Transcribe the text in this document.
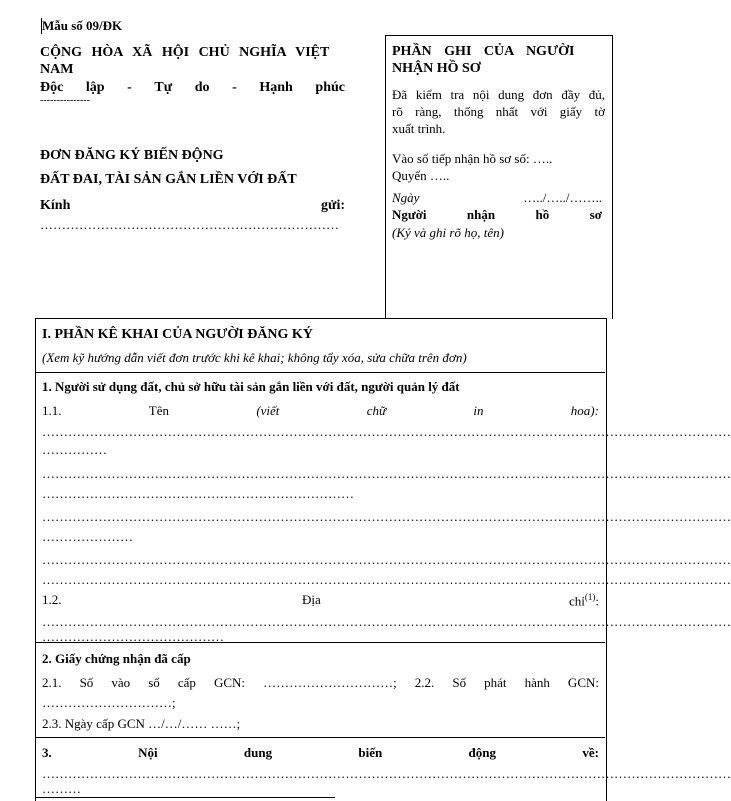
Mẫu số 09/ĐK
CỘNG HÒA XÃ HỘI CHỦ NGHĨA VIỆT
NAM
Độc lập - Tự do - Hạnh phúc
---------------
ĐƠN ĐĂNG KÝ BIẾN ĐỘNG
ĐẤT ĐAI, TÀI SẢN GẮN LIỀN VỚI ĐẤT
Kính	gửi:
……………………………………………………………
PHẦN GHI CỦA NGƯỜI
NHẬN HỒ SƠ
Đã kiểm tra nội dung đơn đầy đủ,
rõ ràng, thống nhất với giấy tờ
xuất trình.
Vào sổ tiếp nhận hồ sơ số: …..
Quyển …..
Ngày	…../…../……..
Người	nhận	hồ	sơ
(Ký và ghi rõ họ, tên)
I. PHẦN KÊ KHAI CỦA NGƯỜI ĐĂNG KÝ
(Xem kỹ hướng dẫn viết đơn trước khi kê khai; không tẩy xóa, sửa chữa trên đơn)
1. Người sử dụng đất, chủ sở hữu tài sản gắn liền với đất, người quản lý đất
1.1.	Tên	(viết	chữ	in	hoa):
……………………………………………………………………………………………………………………………………………
……………
……………………………………………………………………………………………………………………………………………
………………………………………………………………
……………………………………………………………………………………………………………………………………………
…………………
……………………………………………………………………………………………………………………………………………
……………………………………………………………………………………………………………………………………………
1.2.	Địa	chỉ$^{(1)}$:
……………………………………………………………………………………………………………………………………………
……………………………………
2. Giấy chứng nhận đã cấp
2.1. Số vào sổ cấp GCN: …………………………; 2.2. Số phát hành GCN:
…………………………;
2.3. Ngày cấp GCN …/…/…… ……;
3.	Nội	dung	biến	động	về:
……………………………………………………………………………………………………………………………………………
………
